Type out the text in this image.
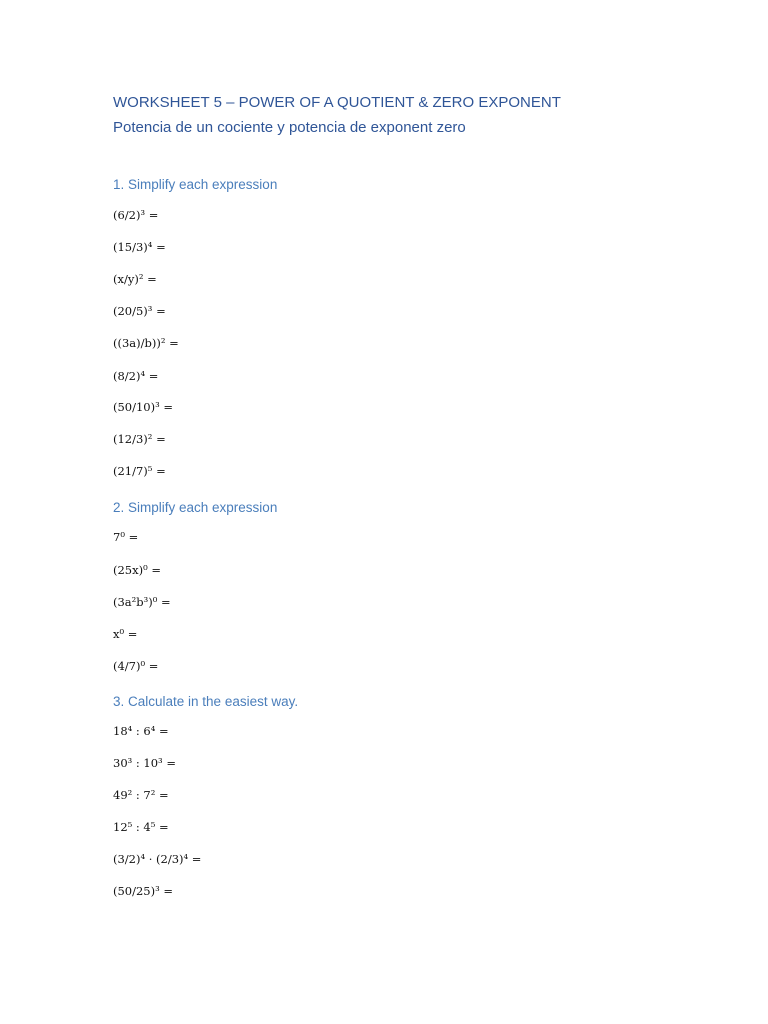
WORKSHEET 5 – POWER OF A QUOTIENT & ZERO EXPONENT
Potencia de un cociente y potencia de exponent zero
1. Simplify each expression
(6/2)³ =
(15/3)⁴ =
(x/y)² =
(20/5)³ =
((3a)/b))² =
(8/2)⁴ =
(50/10)³ =
(12/3)² =
(21/7)⁵ =
2. Simplify each expression
7⁰ =
(25x)⁰ =
(3a²b³)⁰ =
x⁰ =
(4/7)⁰ =
3. Calculate in the easiest way.
18⁴ : 6⁴ =
30³ : 10³ =
49² : 7² =
12⁵ : 4⁵ =
(3/2)⁴ · (2/3)⁴ =
(50/25)³ =
